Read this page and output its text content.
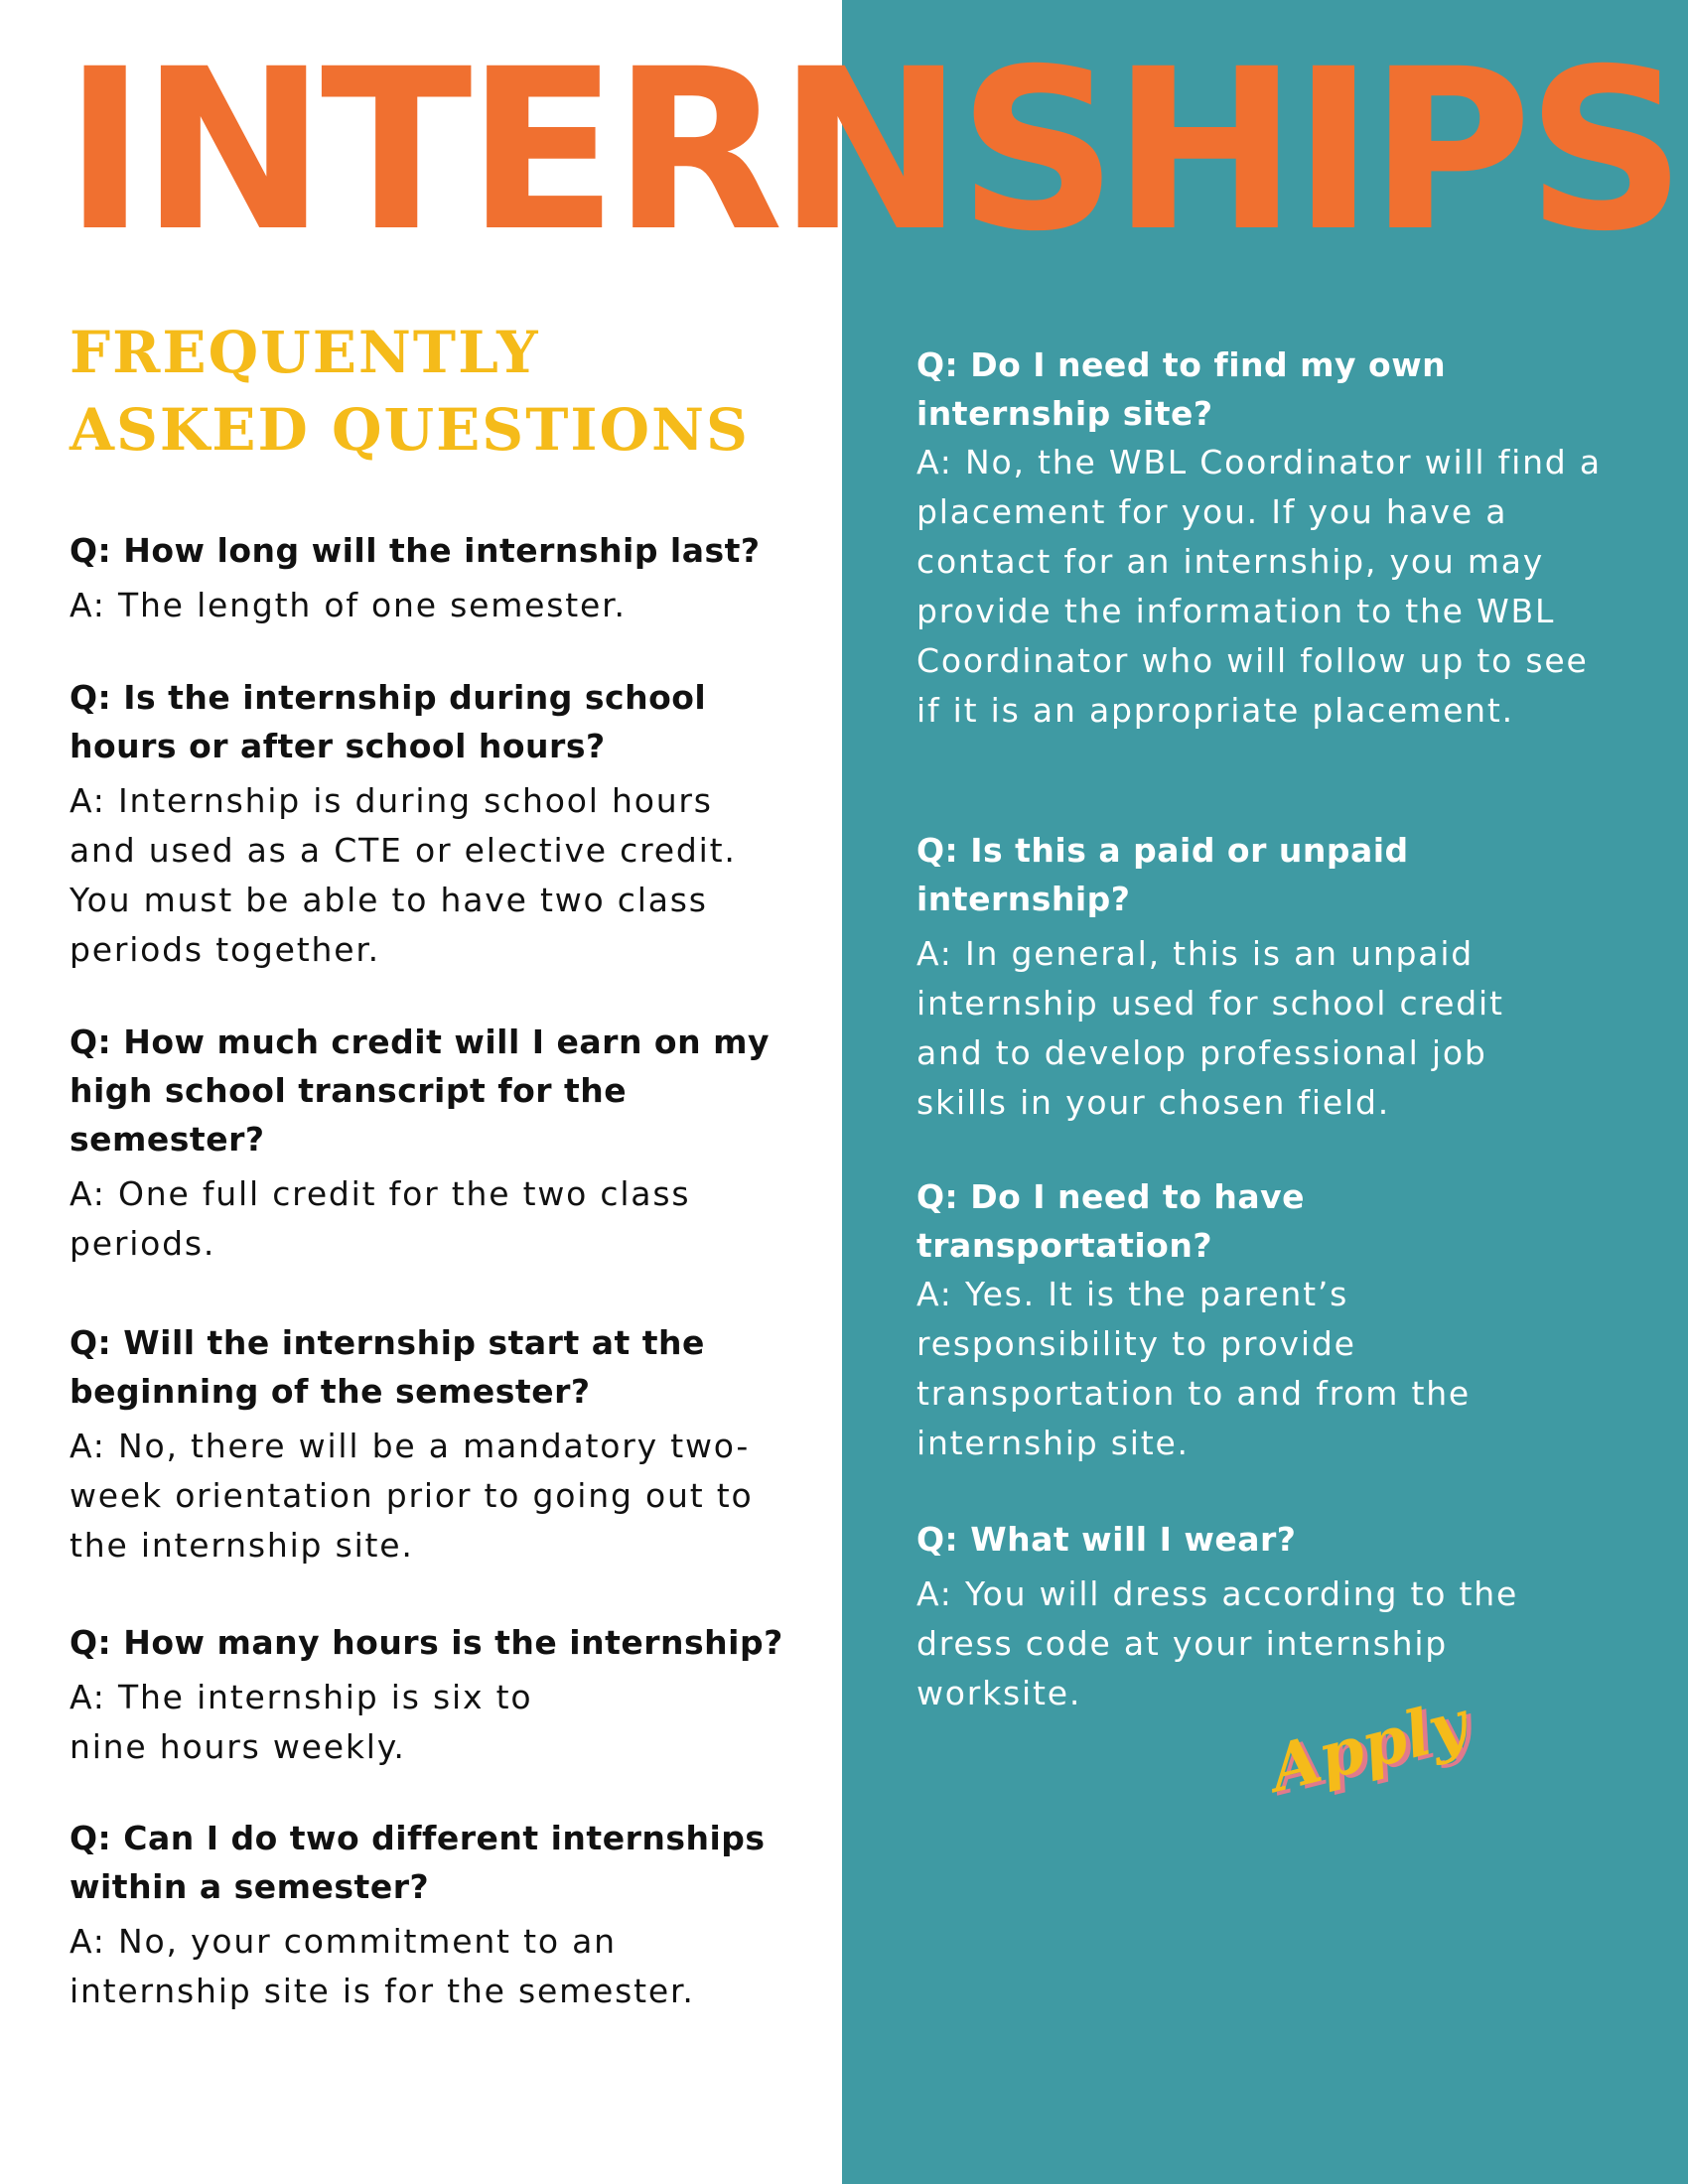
INTERNSHIPS
FREQUENTLY
ASKED QUESTIONS

Q: How long will the internship last?

A: The length of one semester.

Q: Is the internship during school hours or after school hours?

A: Internship is during school hours and used as a CTE or elective credit. You must be able to have two class periods together.

Q: How much credit will I earn on my high school transcript for the semester?

A: One full credit for the two class periods.

Q: Will the internship start at the beginning of the semester?

A: No, there will be a mandatory two-week orientation prior to going out to the internship site.

Q: How many hours is the internship?

A: The internship is six to nine hours weekly.

Q: Can I do two different internships within a semester?

A: No, your commitment to an internship site is for the semester.

Q: Do I need to find my own internship site?

A: No, the WBL Coordinator will find a placement for you. If you have a contact for an internship, you may provide the information to the WBL Coordinator who will follow up to see if it is an appropriate placement.

Q: Is this a paid or unpaid internship?

A: In general, this is an unpaid internship used for school credit and to develop professional job skills in your chosen field.

Q: Do I need to have transportation?

A: Yes. It is the parent’s responsibility to provide transportation to and from the internship site.

Q: What will I wear?

A: You will dress according to the dress code at your internship worksite.	Apply
